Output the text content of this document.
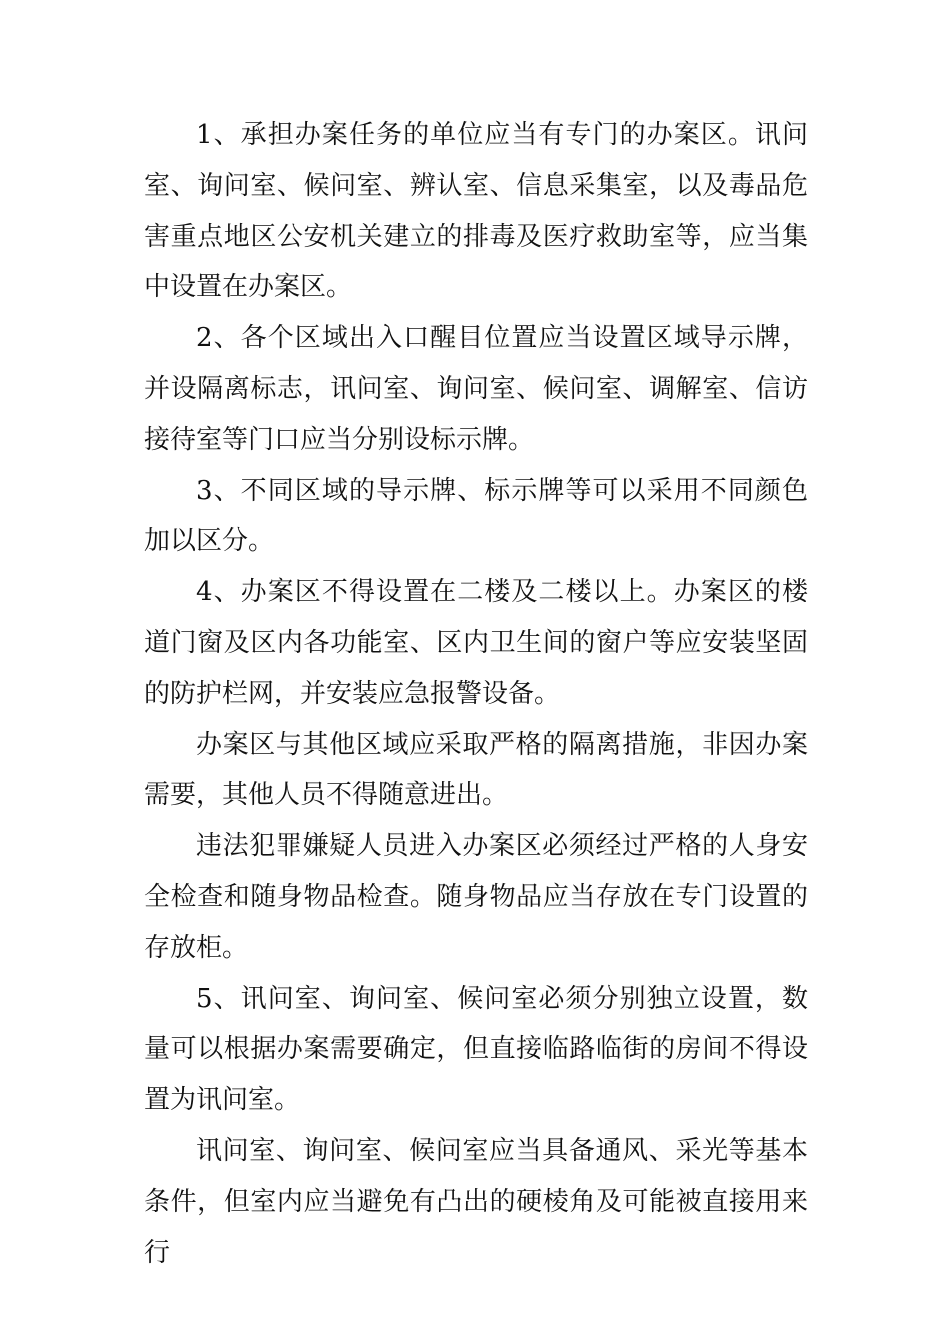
1、承担办案任务的单位应当有专门的办案区。讯问室、询问室、候问室、辨认室、信息采集室，以及毒品危害重点地区公安机关建立的排毒及医疗救助室等，应当集中设置在办案区。

2、各个区域出入口醒目位置应当设置区域导示牌，并设隔离标志，讯问室、询问室、候问室、调解室、信访接待室等门口应当分别设标示牌。

3、不同区域的导示牌、标示牌等可以采用不同颜色加以区分。

4、办案区不得设置在二楼及二楼以上。办案区的楼道门窗及区内各功能室、区内卫生间的窗户等应安装坚固的防护栏网，并安装应急报警设备。

办案区与其他区域应采取严格的隔离措施，非因办案需要，其他人员不得随意进出。

违法犯罪嫌疑人员进入办案区必须经过严格的人身安全检查和随身物品检查。随身物品应当存放在专门设置的存放柜。

5、讯问室、询问室、候问室必须分别独立设置，数量可以根据办案需要确定，但直接临路临街的房间不得设置为讯问室。

讯问室、询问室、候问室应当具备通风、采光等基本条件，但室内应当避免有凸出的硬棱角及可能被直接用来行
